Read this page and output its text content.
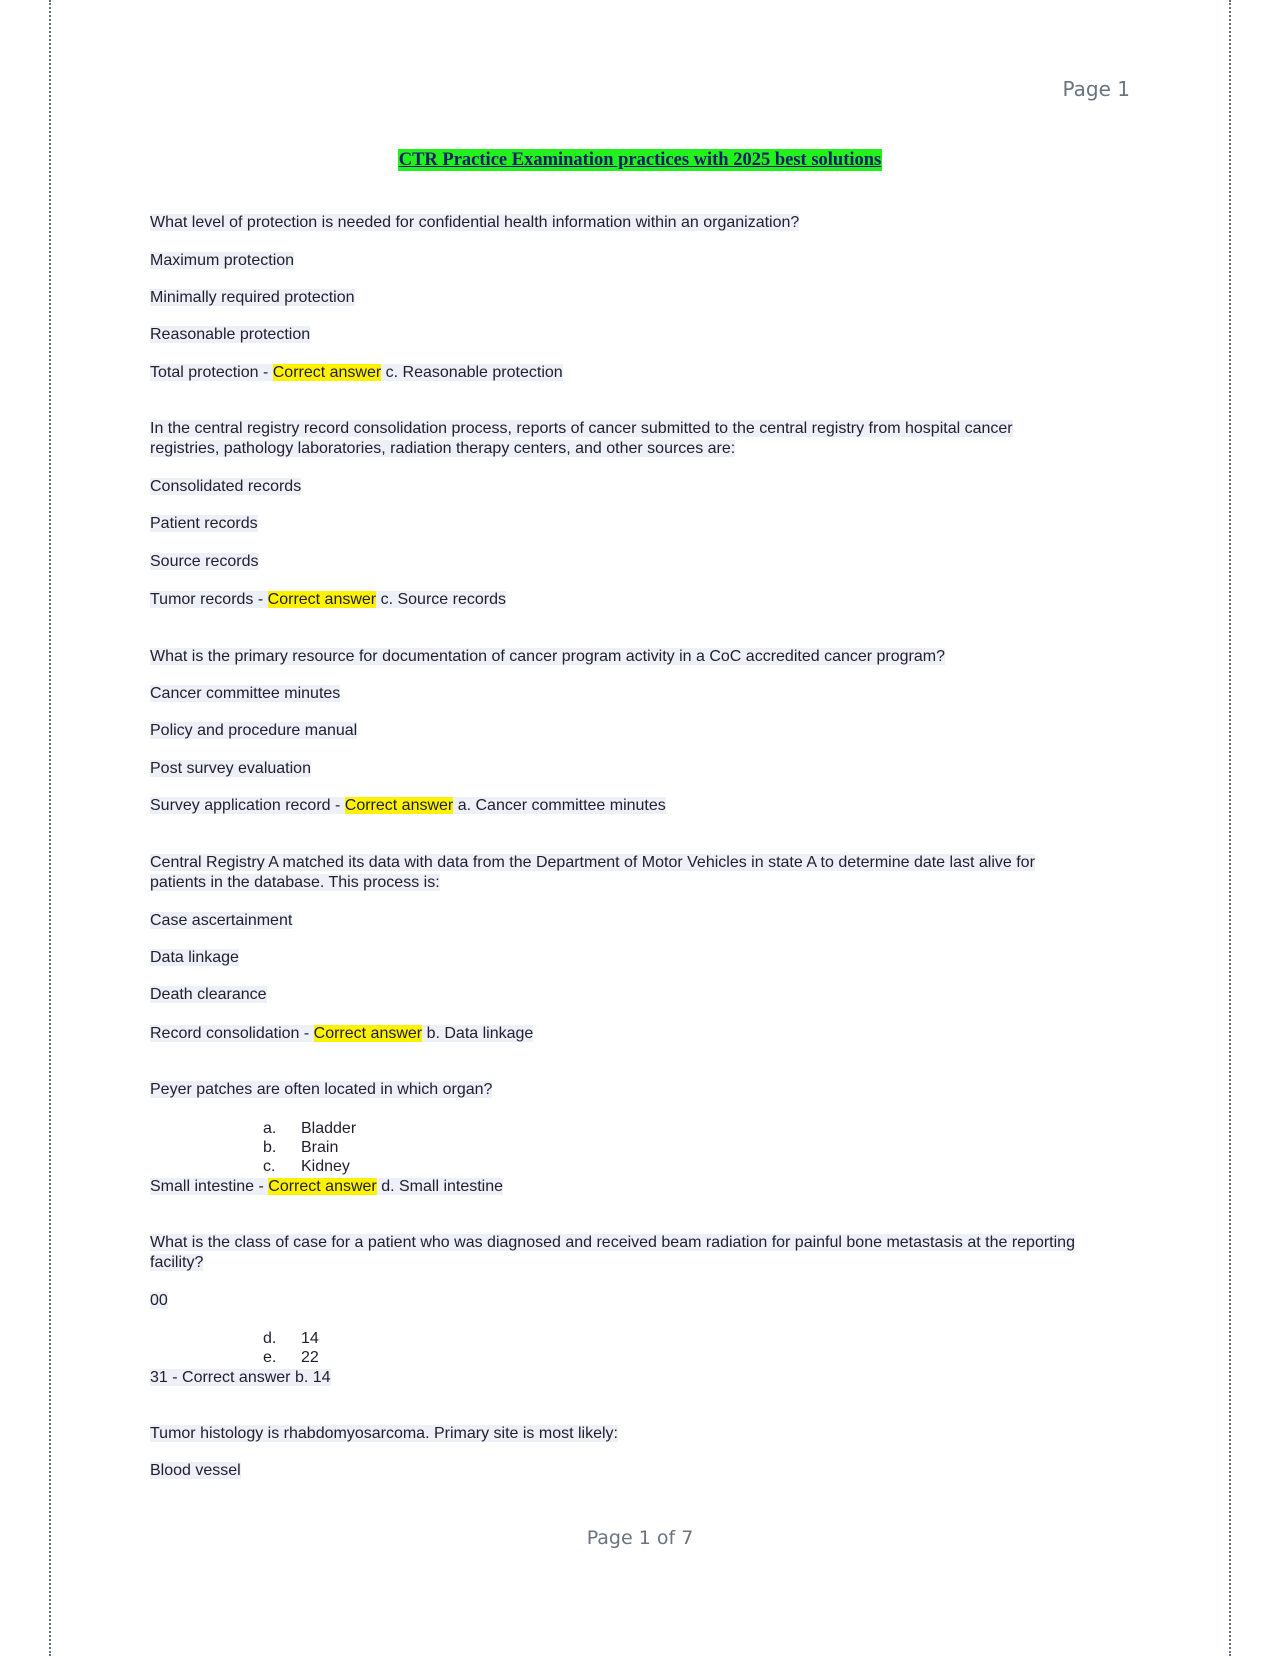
Page 1
CTR Practice Examination practices with 2025 best solutions
What level of protection is needed for confidential health information within an organization?
Maximum protection
Minimally required protection
Reasonable protection
Total protection - Correct answer c. Reasonable protection
In the central registry record consolidation process, reports of cancer submitted to the central registry from hospital cancer
registries, pathology laboratories, radiation therapy centers, and other sources are:
Consolidated records
Patient records
Source records
Tumor records - Correct answer c. Source records
What is the primary resource for documentation of cancer program activity in a CoC accredited cancer program?
Cancer committee minutes
Policy and procedure manual
Post survey evaluation
Survey application record - Correct answer a. Cancer committee minutes
Central Registry A matched its data with data from the Department of Motor Vehicles in state A to determine date last alive for
patients in the database. This process is:
Case ascertainment
Data linkage
Death clearance
Record consolidation - Correct answer b. Data linkage
Peyer patches are often located in which organ?
a. Bladder
b. Brain
c. Kidney
Small intestine - Correct answer d. Small intestine
What is the class of case for a patient who was diagnosed and received beam radiation for painful bone metastasis at the reporting
facility?
00
d. 14
e. 22
31 - Correct answer b. 14
Tumor histology is rhabdomyosarcoma. Primary site is most likely:
Blood vessel
Page 1 of 7
